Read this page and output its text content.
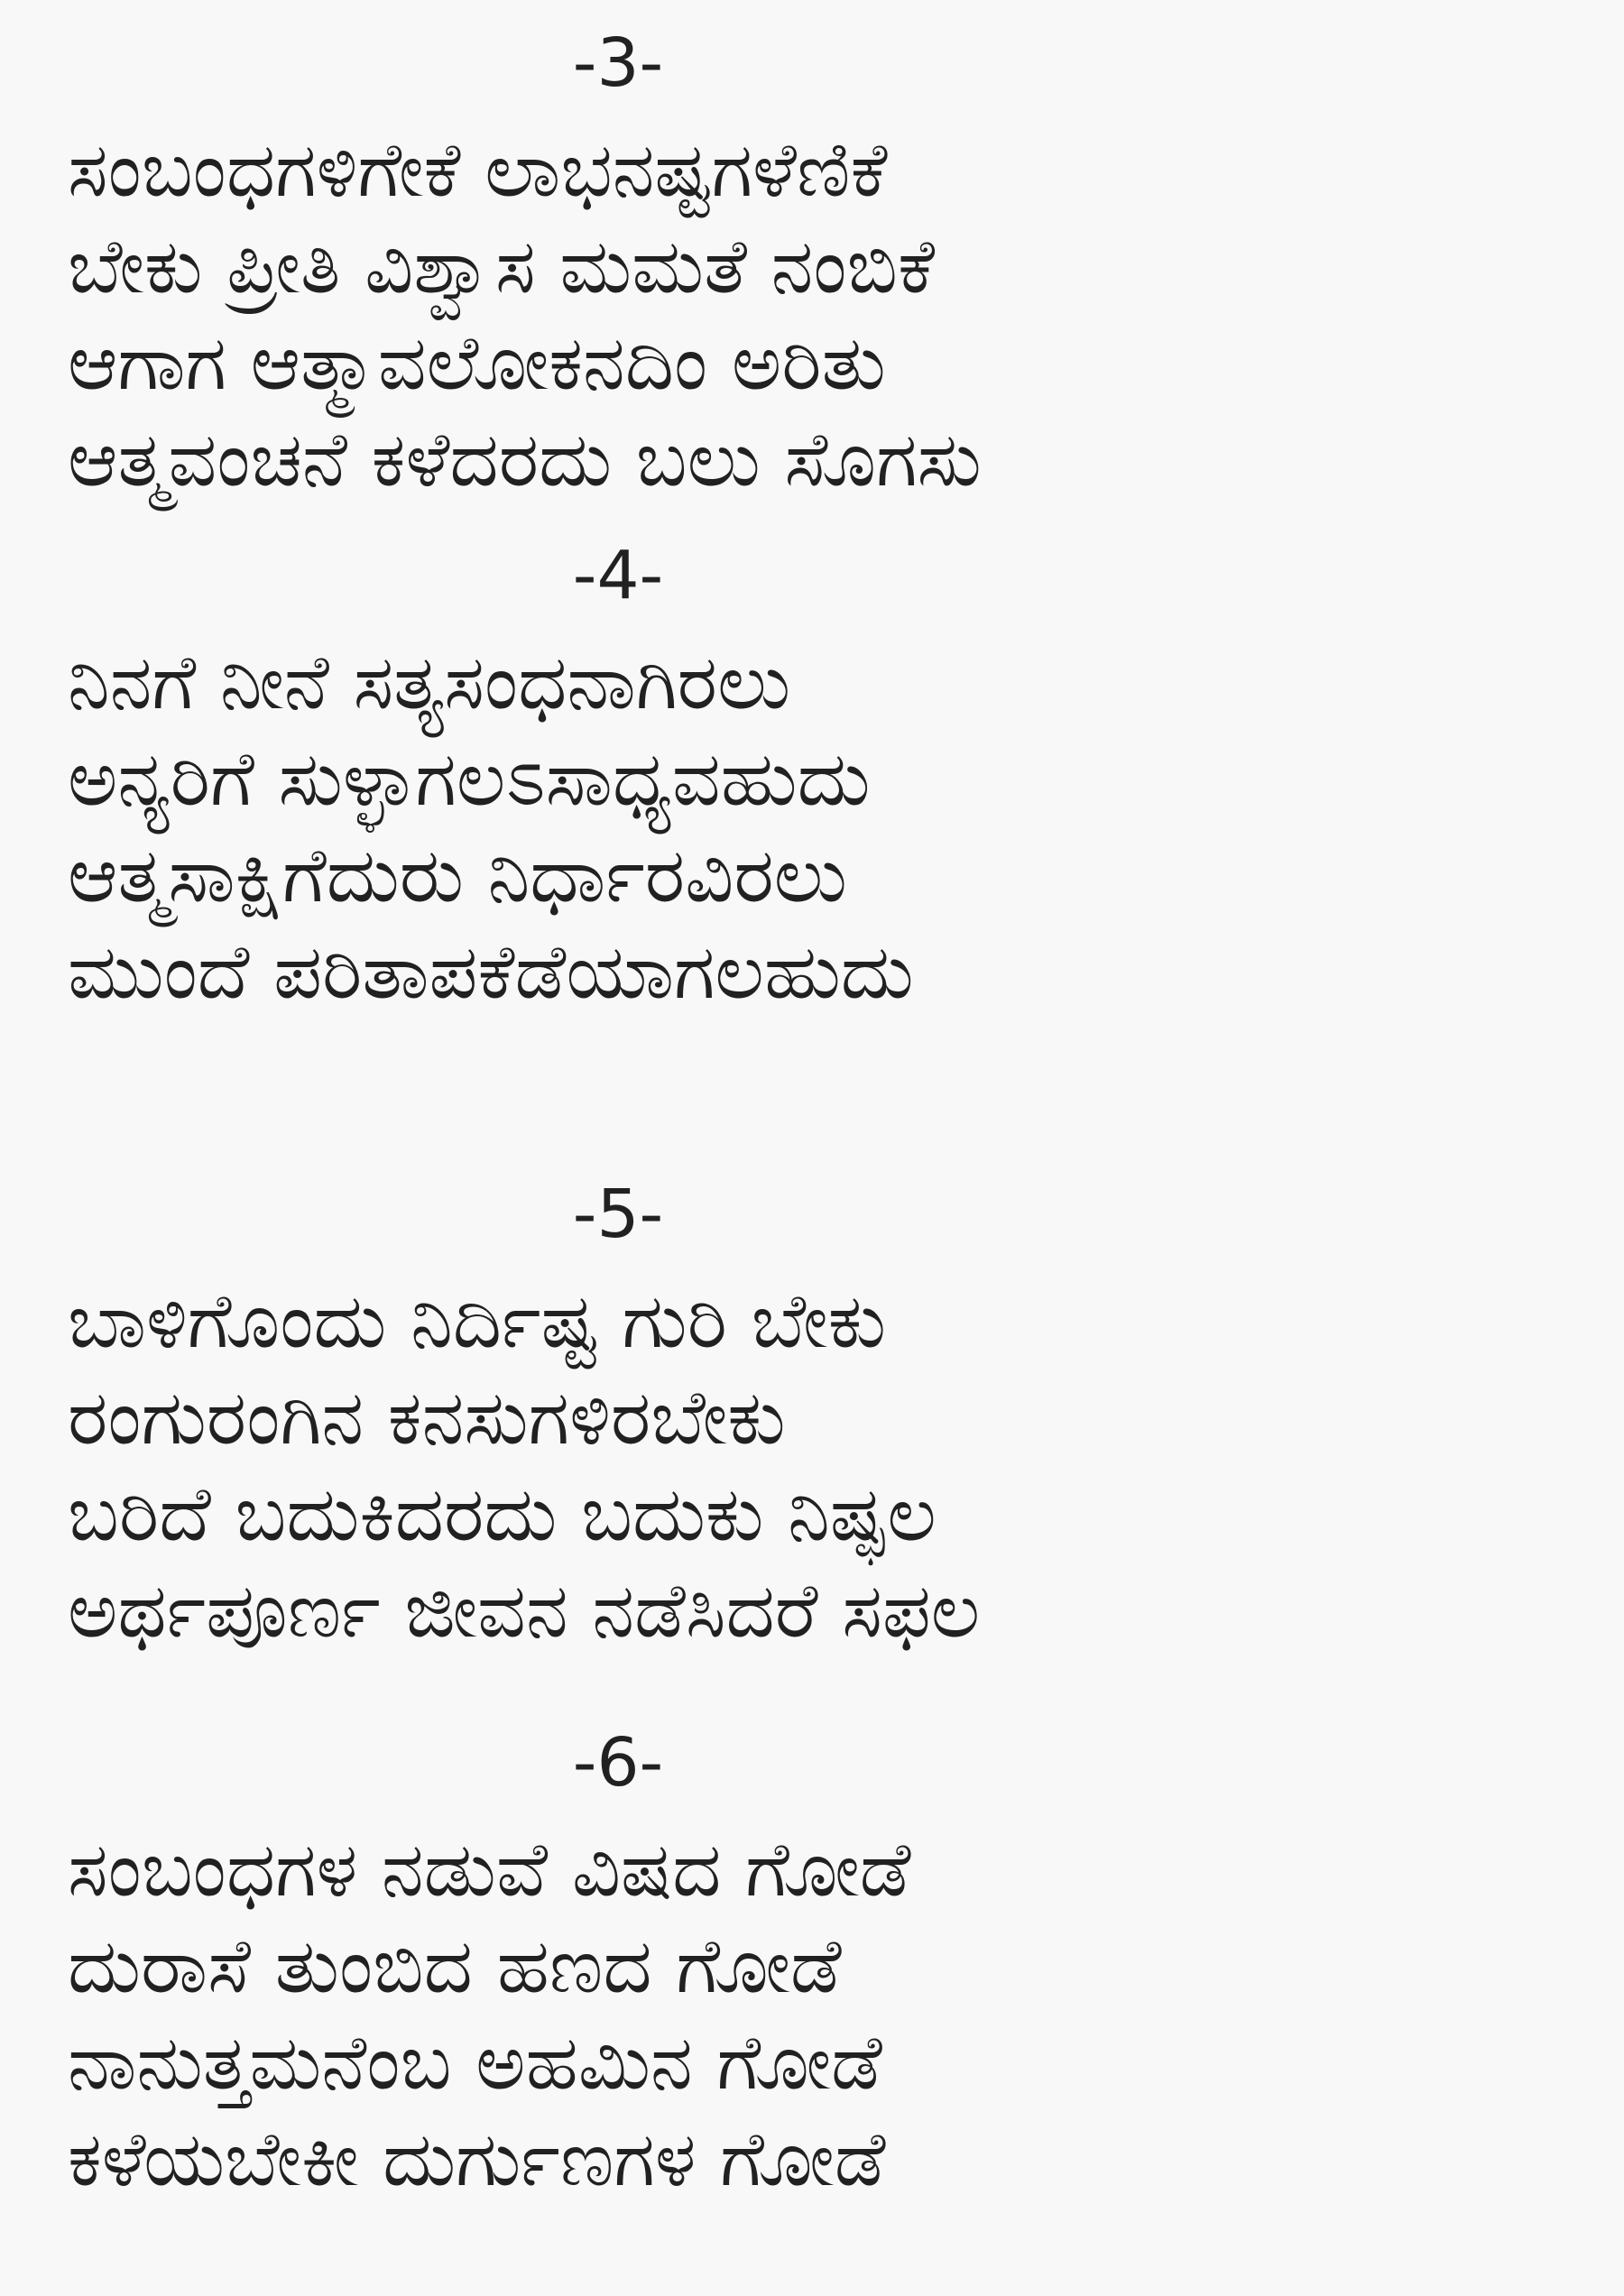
-3-
ಸಂಬಂಧಗಳಿಗೇಕೆ ಲಾಭನಷ್ಟಗಳೆಣಿಕೆ
ಬೇಕು ಪ್ರೀತಿ ವಿಶ್ವಾಸ ಮಮತೆ ನಂಬಿಕೆ
ಆಗಾಗ ಆತ್ಮಾವಲೋಕನದಿಂ ಅರಿತು
ಆತ್ಮವಂಚನೆ ಕಳೆದರದು ಬಲು ಸೊಗಸು
-4-
ನಿನಗೆ ನೀನೆ ಸತ್ಯಸಂಧನಾಗಿರಲು
ಅನ್ಯರಿಗೆ ಸುಳ್ಳಾಗಲಽಸಾಧ್ಯವಹುದು
ಆತ್ಮಸಾಕ್ಷಿಗೆದುರು ನಿರ್ಧಾರವಿರಲು
ಮುಂದೆ ಪರಿತಾಪಕೆಡೆಯಾಗಲಹುದು
-5-
ಬಾಳಿಗೊಂದು ನಿರ್ದಿಷ್ಟ ಗುರಿ ಬೇಕು
ರಂಗುರಂಗಿನ ಕನಸುಗಳಿರಬೇಕು
ಬರಿದೆ ಬದುಕಿದರದು ಬದುಕು ನಿಷ್ಫಲ
ಅರ್ಥಪೂರ್ಣ ಜೀವನ ನಡೆಸಿದರೆ ಸಫಲ
-6-
ಸಂಬಂಧಗಳ ನಡುವೆ ವಿಷದ ಗೋಡೆ
ದುರಾಸೆ ತುಂಬಿದ ಹಣದ ಗೋಡೆ
ನಾನುತ್ತಮನೆಂಬ ಅಹಮಿನ ಗೋಡೆ
ಕಳೆಯಬೇಕೀ ದುರ್ಗುಣಗಳ ಗೋಡೆ
